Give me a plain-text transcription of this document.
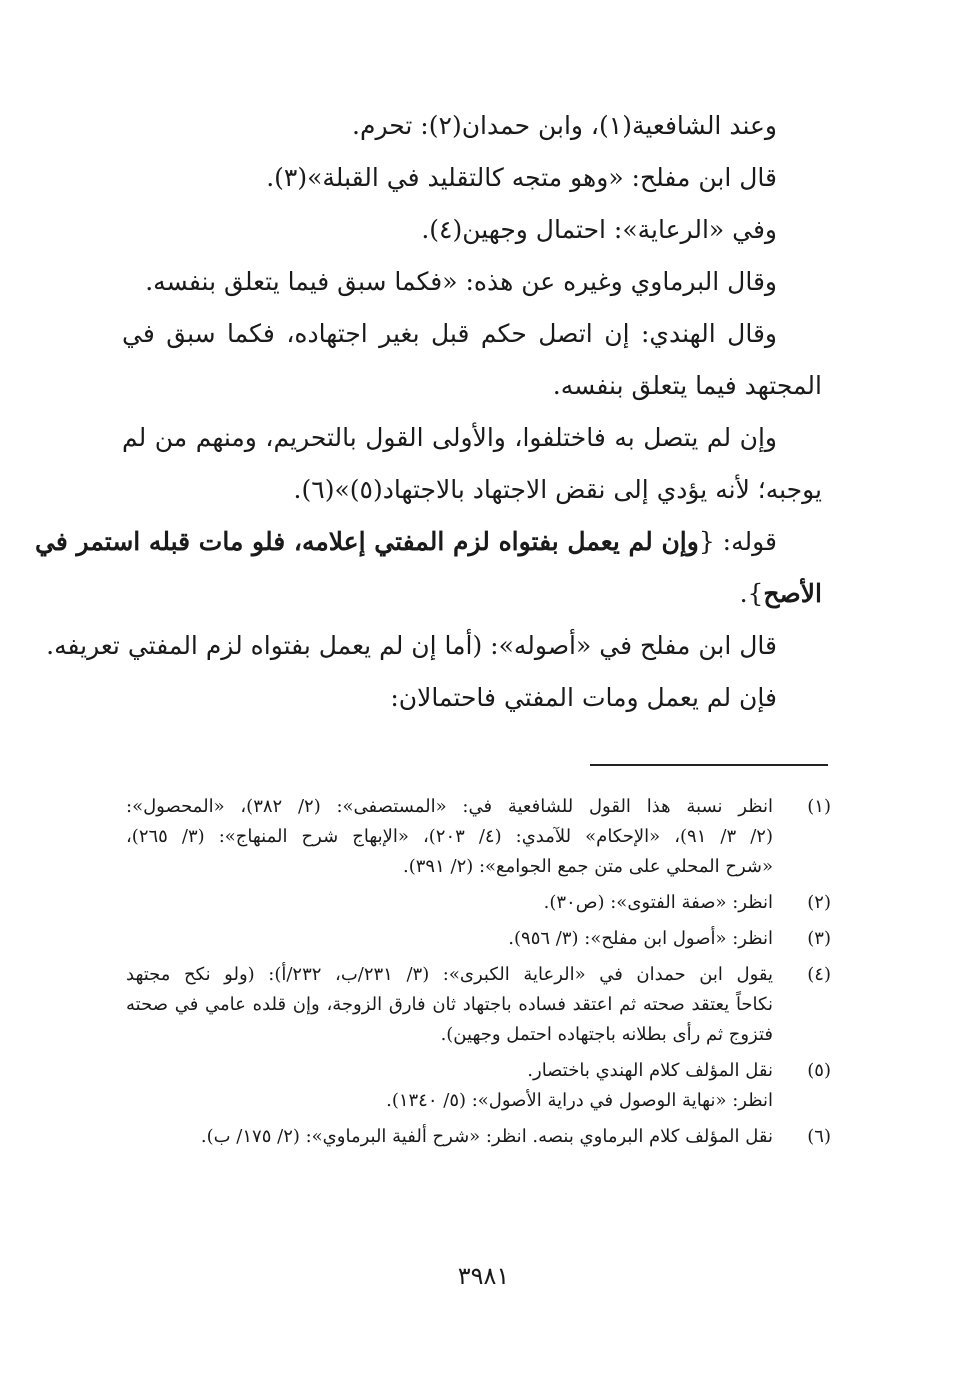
وعند الشافعية(١)، وابن حمدان(٢): تحرم.
قال ابن مفلح: «وهو متجه كالتقليد في القبلة»(٣).
وفي «الرعاية»: احتمال وجهين(٤).
وقال البرماوي وغيره عن هذه: «فكما سبق فيما يتعلق بنفسه.
وقال الهندي: إن اتصل حكم قبل بغير اجتهاده، فكما سبق في
المجتهد فيما يتعلق بنفسه.
وإن لم يتصل به فاختلفوا، والأولى القول بالتحريم، ومنهم من لم
يوجبه؛ لأنه يؤدي إلى نقض الاجتهاد بالاجتهاد(٥)»(٦).
قوله: {وإن لم يعمل بفتواه لزم المفتي إعلامه، فلو مات قبله استمر في
الأصح}.
قال ابن مفلح في «أصوله»: (أما إن لم يعمل بفتواه لزم المفتي تعريفه.
فإن لم يعمل ومات المفتي فاحتمالان:
(١)
انظر نسبة هذا القول للشافعية في: «المستصفى»: (٢/ ٣٨٢)، «المحصول»:
(٢/ ٣/ ٩١)، «الإحكام» للآمدي: (٤/ ٢٠٣)، «الإبهاج شرح المنهاج»: (٣/ ٢٦٥)،
«شرح المحلي على متن جمع الجوامع»: (٢/ ٣٩١).
(٢)
انظر: «صفة الفتوى»: (ص٣٠).
(٣)
انظر: «أصول ابن مفلح»: (٣/ ٩٥٦).
(٤)
يقول ابن حمدان في «الرعاية الكبرى»: (٣/ ٢٣١/ب، ٢٣٢/أ): (ولو نكح مجتهد
نكاحاً يعتقد صحته ثم اعتقد فساده باجتهاد ثان فارق الزوجة، وإن قلده عامي في صحته
فتزوج ثم رأى بطلانه باجتهاده احتمل وجهين).
(٥)
نقل المؤلف كلام الهندي باختصار.
انظر: «نهاية الوصول في دراية الأصول»: (٥/ ١٣٤٠).
(٦)
نقل المؤلف كلام البرماوي بنصه. انظر: «شرح ألفية البرماوي»: (٢/ ١٧٥/ ب).
٣٩٨١
